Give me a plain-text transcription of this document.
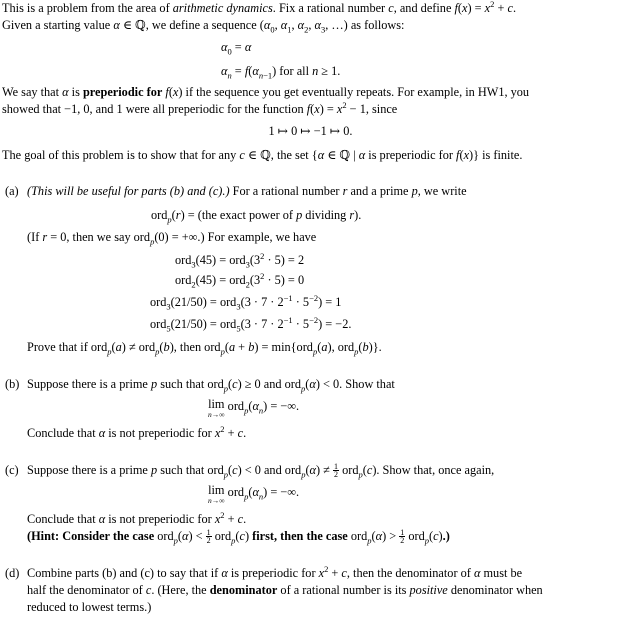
This is a problem from the area of arithmetic dynamics. Fix a rational number c, and define $f(x) = x^2 + c$.
Given a starting value α ∈ ℚ, we define a sequence ($\alpha_0$, $\alpha_1$, $\alpha_2$, $\alpha_3$, …) as follows:
$\alpha_0 = \alpha$
$\alpha_n = f(\alpha_{n-1})$ for all n ≥ 1.
We say that α is preperiodic for f(x) if the sequence you get eventually repeats. For example, in HW1, you
showed that −1, 0, and 1 were all preperiodic for the function $f(x) = x^2 - 1$, since
1 ↦ 0 ↦ −1 ↦ 0.
The goal of this problem is to show that for any c ∈ ℚ, the set {α ∈ ℚ | α is preperiodic for f(x)} is finite.
(a) (This will be useful for parts (b) and (c).) For a rational number r and a prime p, we write
ord$_p$(r) = (the exact power of p dividing r).
(If r = 0, then we say ord$_p$(0) = +∞.) For example, we have
$ord_3(45) = ord_3(3^2 \cdot 5) = 2$
$ord_2(45) = ord_2(3^2 \cdot 5) = 0$
$ord_3(21/50) = ord_3(3 \cdot 7 \cdot 2^{-1} \cdot 5^{-2}) = 1$
$ord_5(21/50) = ord_5(3 \cdot 7 \cdot 2^{-1} \cdot 5^{-2}) = -2$.
Prove that if ord$_p$(a) ≠ ord$_p$(b), then ord$_p$(a + b) = min{ord$_p$(a), ord$_p$(b)}.
(b) Suppose there is a prime p such that ord$_p$(c) ≥ 0 and ord$_p$(α) < 0. Show that
lim
n→∞
$ord_p(\alpha_n)$ = −∞.
Conclude that α is not preperiodic for $x^2 + c$.
(c) Suppose there is a prime p such that ord$_p$(c) < 0 and $ord_p(\alpha) \ne \frac{1}{2} ord_p(c)$. Show that, once again,
lim
n→∞
$ord_p(\alpha_n)$ = −∞.
Conclude that α is not preperiodic for $x^2 + c$.
(Hint: Consider the case $ord_p(\alpha) < \frac{1}{2} ord_p(c)$ first, then the case $ord_p(\alpha) > \frac{1}{2} ord_p(c)$.)
(d) Combine parts (b) and (c) to say that if α is preperiodic for $x^2 + c$, then the denominator of α must be
half the denominator of c. (Here, the denominator of a rational number is its positive denominator when
reduced to lowest terms.)
